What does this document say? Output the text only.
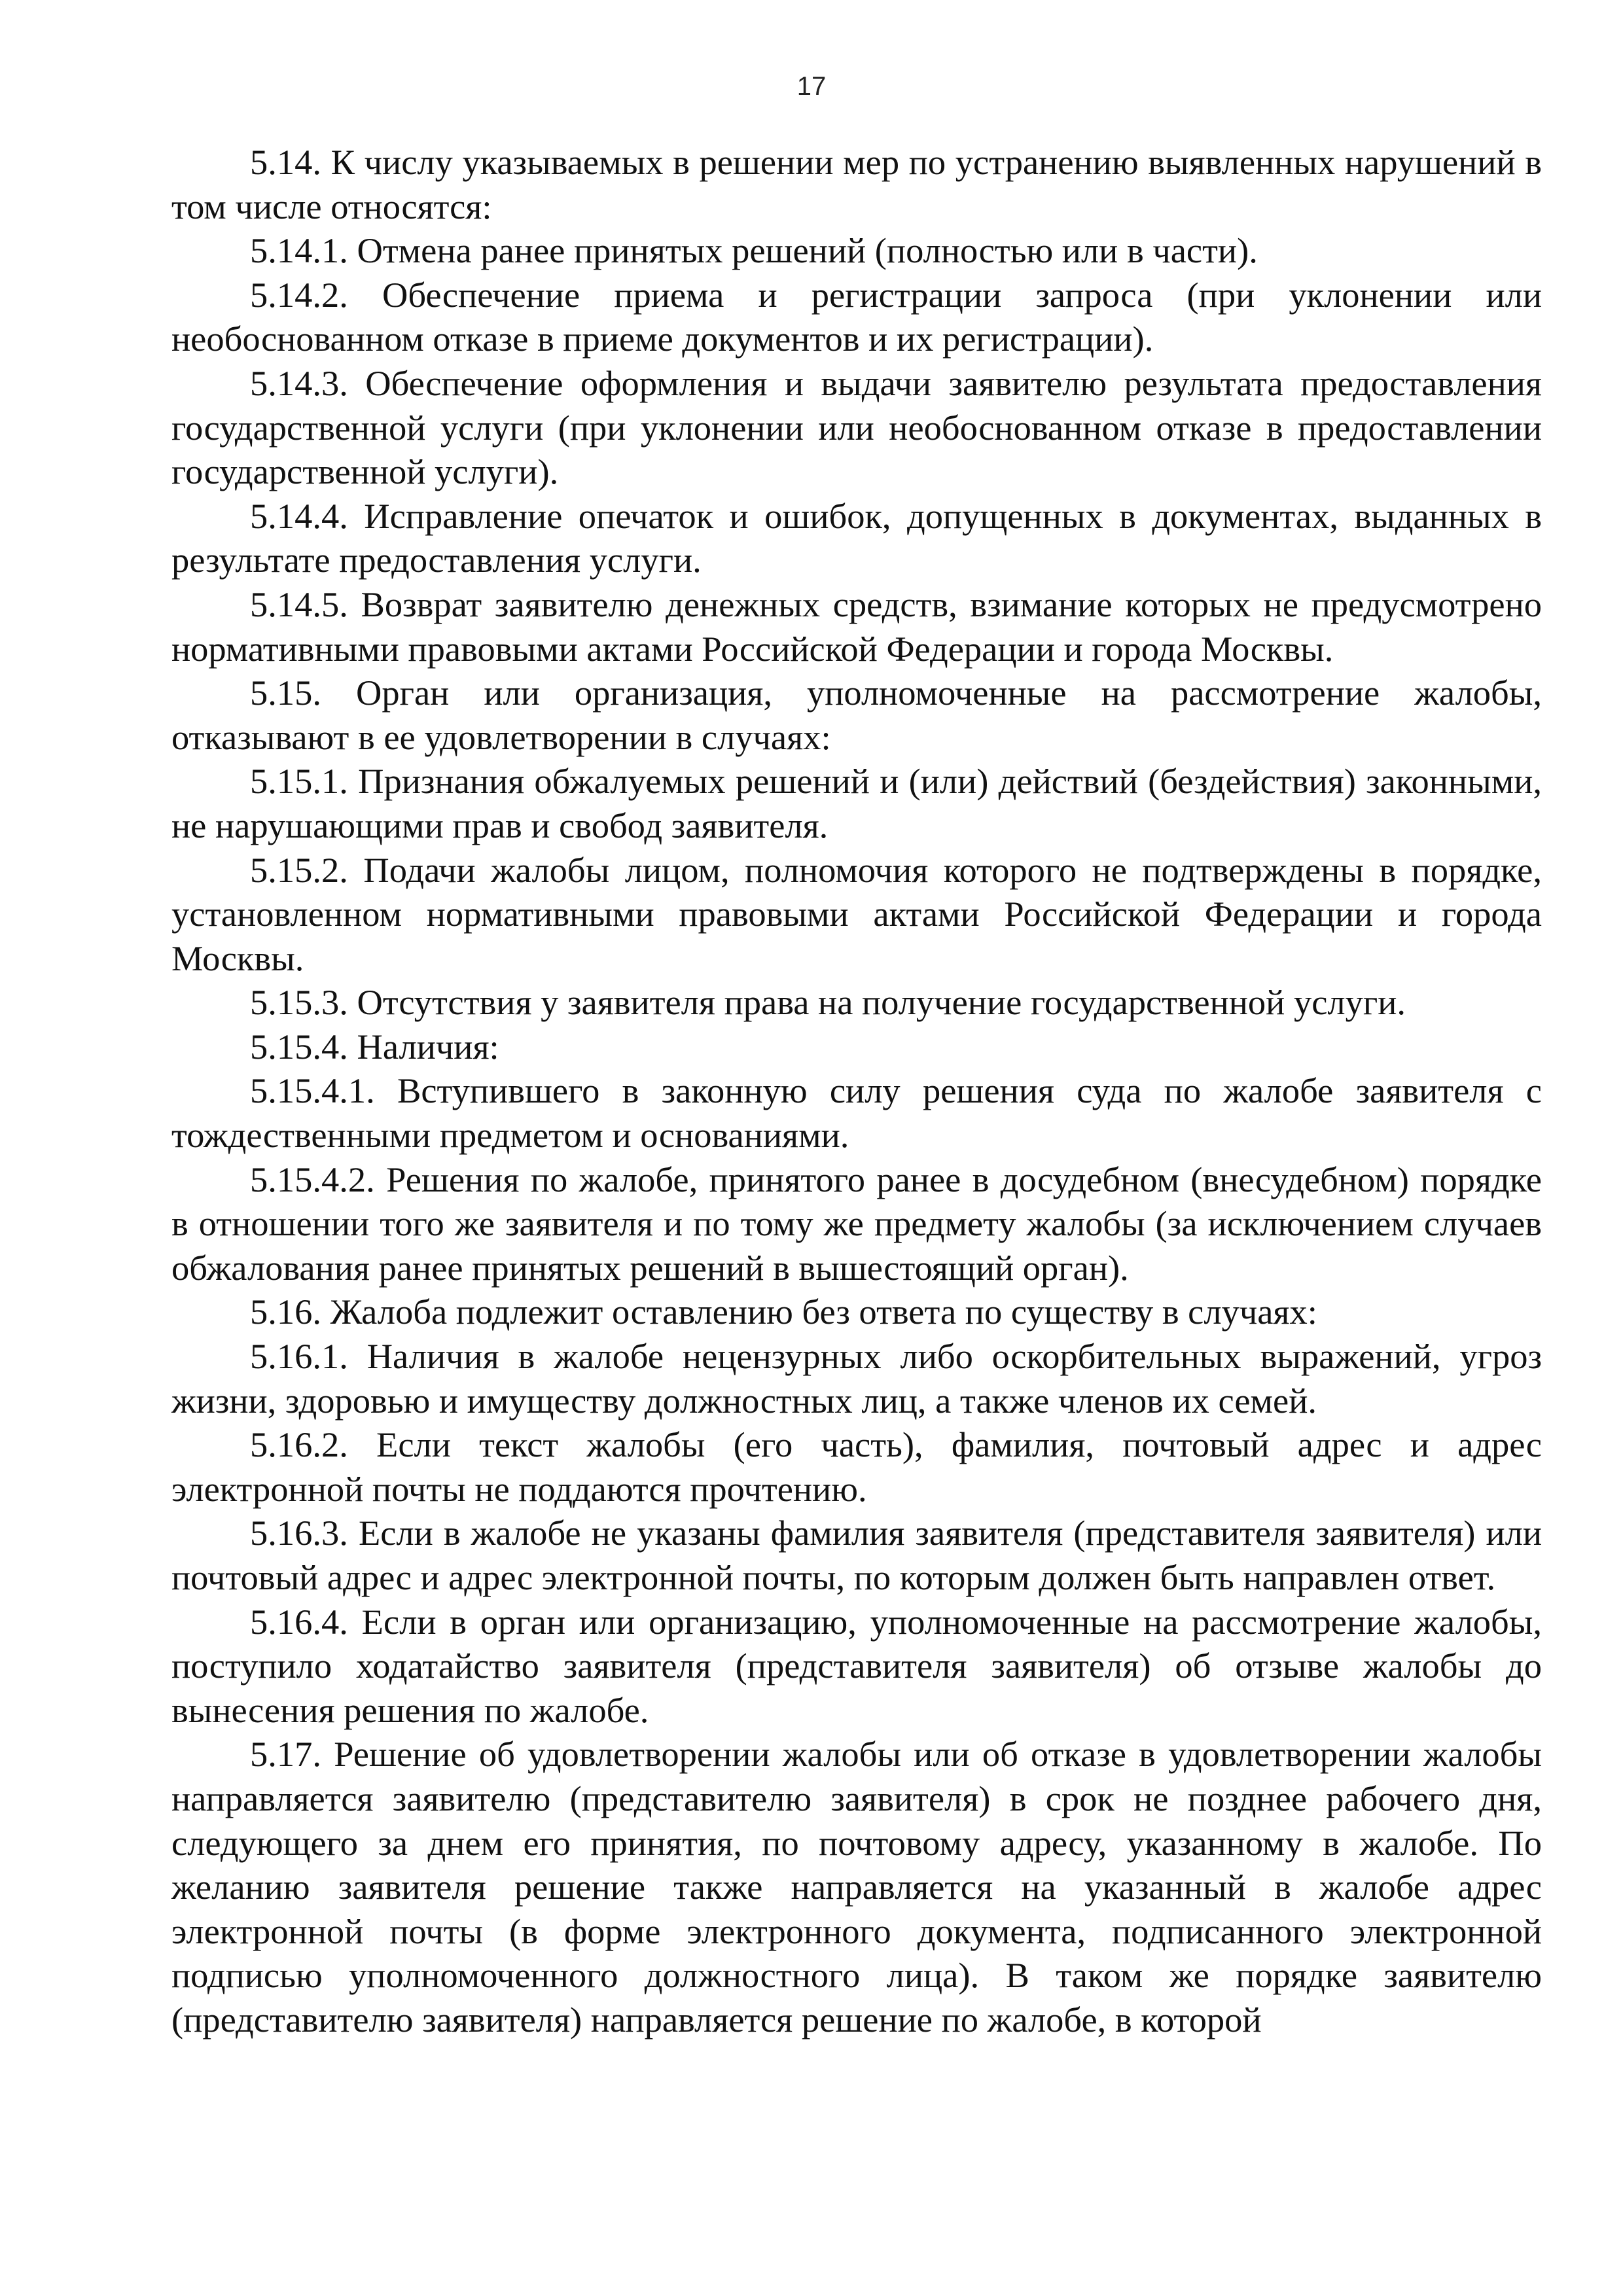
17

5.14. К числу указываемых в решении мер по устранению выявленных нарушений в том числе относятся:

5.14.1. Отмена ранее принятых решений (полностью или в части).

5.14.2. Обеспечение приема и регистрации запроса (при уклонении или необоснованном отказе в приеме документов и их регистрации).

5.14.3. Обеспечение оформления и выдачи заявителю результата предоставления государственной услуги (при уклонении или необоснованном отказе в предоставлении государственной услуги).

5.14.4. Исправление опечаток и ошибок, допущенных в документах, выданных в результате предоставления услуги.

5.14.5. Возврат заявителю денежных средств, взимание которых не предусмотрено нормативными правовыми актами Российской Федерации и города Москвы.

5.15. Орган или организация, уполномоченные на рассмотрение жалобы, отказывают в ее удовлетворении в случаях:

5.15.1. Признания обжалуемых решений и (или) действий (бездействия) законными, не нарушающими прав и свобод заявителя.

5.15.2. Подачи жалобы лицом, полномочия которого не подтверждены в порядке, установленном нормативными правовыми актами Российской Федерации и города Москвы.

5.15.3. Отсутствия у заявителя права на получение государственной услуги.

5.15.4. Наличия:

5.15.4.1. Вступившего в законную силу решения суда по жалобе заявителя с тождественными предметом и основаниями.

5.15.4.2. Решения по жалобе, принятого ранее в досудебном (внесудебном) порядке в отношении того же заявителя и по тому же предмету жалобы (за исключением случаев обжалования ранее принятых решений в вышестоящий орган).

5.16. Жалоба подлежит оставлению без ответа по существу в случаях:

5.16.1. Наличия в жалобе нецензурных либо оскорбительных выражений, угроз жизни, здоровью и имуществу должностных лиц, а также членов их семей.

5.16.2. Если текст жалобы (его часть), фамилия, почтовый адрес и адрес электронной почты не поддаются прочтению.

5.16.3. Если в жалобе не указаны фамилия заявителя (представителя заявителя) или почтовый адрес и адрес электронной почты, по которым должен быть направлен ответ.

5.16.4. Если в орган или организацию, уполномоченные на рассмотрение жалобы, поступило ходатайство заявителя (представителя заявителя) об отзыве жалобы до вынесения решения по жалобе.

5.17. Решение об удовлетворении жалобы или об отказе в удовлетворении жалобы направляется заявителю (представителю заявителя) в срок не позднее рабочего дня, следующего за днем его принятия, по почтовому адресу, указанному в жалобе. По желанию заявителя решение также направляется на указанный в жалобе адрес электронной почты (в форме электронного документа, подписанного электронной подписью уполномоченного должностного лица). В таком же порядке заявителю (представителю заявителя) направляется решение по жалобе, в которой
